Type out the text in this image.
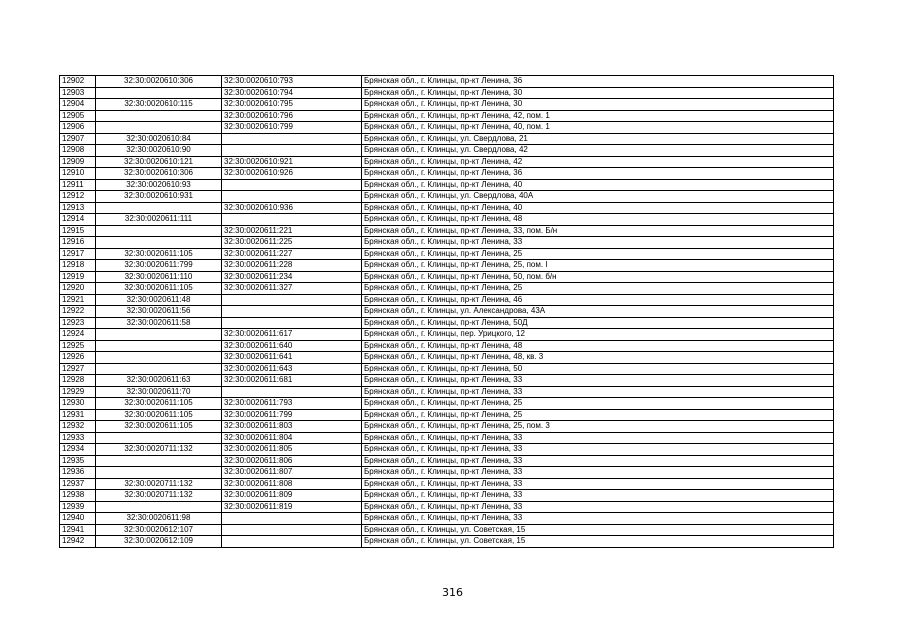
12902	32:30:0020610:306	32:30:0020610:793	Брянская обл., г. Клинцы, пр-кт Ленина, 36
12903		32:30:0020610:794	Брянская обл., г. Клинцы, пр-кт Ленина, 30
12904	32:30:0020610:115	32:30:0020610:795	Брянская обл., г. Клинцы, пр-кт Ленина, 30
12905		32:30:0020610:796	Брянская обл., г. Клинцы, пр-кт Ленина, 42, пом. 1
12906		32:30:0020610:799	Брянская обл., г. Клинцы, пр-кт Ленина, 40, пом. 1
12907	32:30:0020610:84		Брянская обл., г. Клинцы, ул. Свердлова, 21
12908	32:30:0020610:90		Брянская обл., г. Клинцы, ул. Свердлова, 42
12909	32:30:0020610:121	32:30:0020610:921	Брянская обл., г. Клинцы, пр-кт Ленина, 42
12910	32:30:0020610:306	32:30:0020610:926	Брянская обл., г. Клинцы, пр-кт Ленина, 36
12911	32:30:0020610:93		Брянская обл., г. Клинцы, пр-кт Ленина, 40
12912	32:30:0020610:931		Брянская обл., г. Клинцы, ул. Свердлова, 40А
12913		32:30:0020610:936	Брянская обл., г. Клинцы, пр-кт Ленина, 40
12914	32:30:0020611:111		Брянская обл., г. Клинцы, пр-кт Ленина, 48
12915		32:30:0020611:221	Брянская обл., г. Клинцы, пр-кт Ленина, 33, пом. Б/н
12916		32:30:0020611:225	Брянская обл., г. Клинцы, пр-кт Ленина, 33
12917	32:30:0020611:105	32:30:0020611:227	Брянская обл., г. Клинцы, пр-кт Ленина, 25
12918	32:30:0020611:799	32:30:0020611:228	Брянская обл., г. Клинцы, пр-кт Ленина, 25, пом. I
12919	32:30:0020611:110	32:30:0020611:234	Брянская обл., г. Клинцы, пр-кт Ленина, 50, пом. б/н
12920	32:30:0020611:105	32:30:0020611:327	Брянская обл., г. Клинцы, пр-кт Ленина, 25
12921	32:30:0020611:48		Брянская обл., г. Клинцы, пр-кт Ленина, 46
12922	32:30:0020611:56		Брянская обл., г. Клинцы, ул. Александрова, 43А
12923	32:30:0020611:58		Брянская обл., г. Клинцы, пр-кт Ленина, 50Д
12924		32:30:0020611:617	Брянская обл., г. Клинцы, пер. Урицкого, 12
12925		32:30:0020611:640	Брянская обл., г. Клинцы, пр-кт Ленина, 48
12926		32:30:0020611:641	Брянская обл., г. Клинцы, пр-кт Ленина, 48, кв. 3
12927		32:30:0020611:643	Брянская обл., г. Клинцы, пр-кт Ленина, 50
12928	32:30:0020611:63	32:30:0020611:681	Брянская обл., г. Клинцы, пр-кт Ленина, 33
12929	32:30:0020611:70		Брянская обл., г. Клинцы, пр-кт Ленина, 33
12930	32:30:0020611:105	32:30:0020611:793	Брянская обл., г. Клинцы, пр-кт Ленина, 25
12931	32:30:0020611:105	32:30:0020611:799	Брянская обл., г. Клинцы, пр-кт Ленина, 25
12932	32:30:0020611:105	32:30:0020611:803	Брянская обл., г. Клинцы, пр-кт Ленина, 25, пом. 3
12933		32:30:0020611:804	Брянская обл., г. Клинцы, пр-кт Ленина, 33
12934	32:30:0020711:132	32:30:0020611:805	Брянская обл., г. Клинцы, пр-кт Ленина, 33
12935		32:30:0020611:806	Брянская обл., г. Клинцы, пр-кт Ленина, 33
12936		32:30:0020611:807	Брянская обл., г. Клинцы, пр-кт Ленина, 33
12937	32:30:0020711:132	32:30:0020611:808	Брянская обл., г. Клинцы, пр-кт Ленина, 33
12938	32:30:0020711:132	32:30:0020611:809	Брянская обл., г. Клинцы, пр-кт Ленина, 33
12939		32:30:0020611:819	Брянская обл., г. Клинцы, пр-кт Ленина, 33
12940	32:30:0020611:98		Брянская обл., г. Клинцы, пр-кт Ленина, 33
12941	32:30:0020612:107		Брянская обл., г. Клинцы, ул. Советская, 15
12942	32:30:0020612:109		Брянская обл., г. Клинцы, ул. Советская, 15
316
